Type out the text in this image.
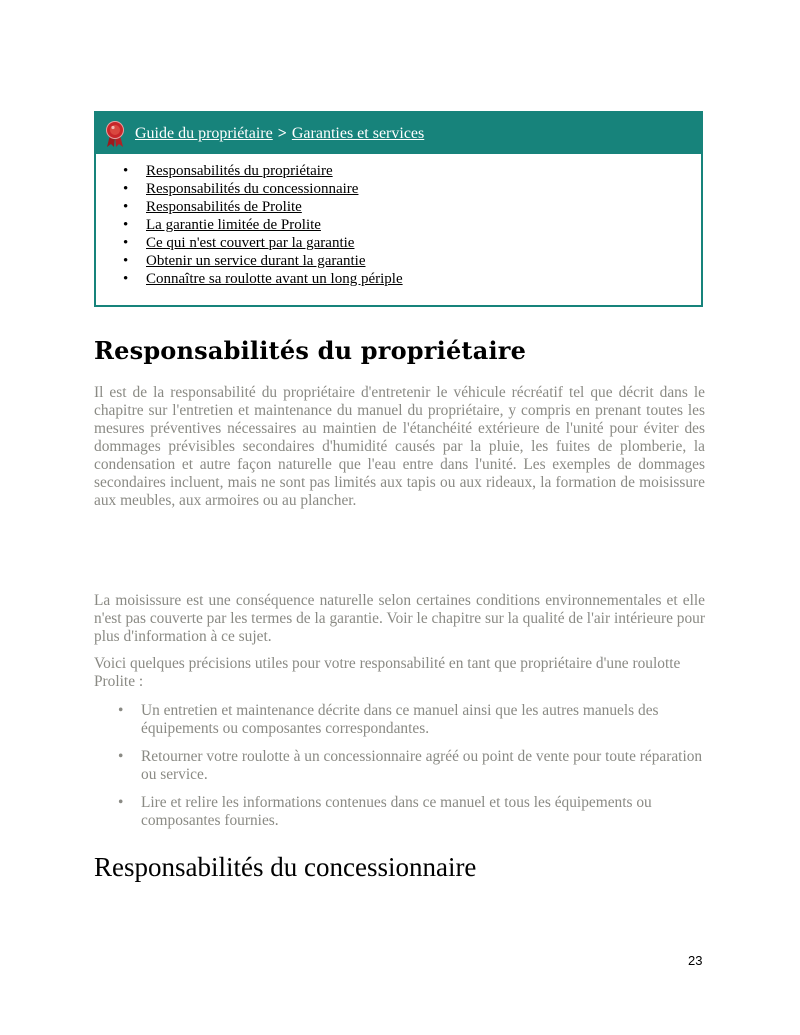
Guide du propriétaire > Garanties et services
• Responsabilités du propriétaire
• Responsabilités du concessionnaire
• Responsabilités de Prolite
• La garantie limitée de Prolite
• Ce qui n'est couvert par la garantie
• Obtenir un service durant la garantie
• Connaître sa roulotte avant un long périple
Responsabilités du propriétaire

Il est de la responsabilité du propriétaire d'entretenir le véhicule récréatif tel que décrit dans le chapitre sur l'entretien et maintenance du manuel du propriétaire, y compris en prenant toutes les mesures préventives nécessaires au maintien de l'étanchéité extérieure de l'unité pour éviter des dommages prévisibles secondaires d'humidité causés par la pluie, les fuites de plomberie, la condensation et autre façon naturelle que l'eau entre dans l'unité. Les exemples de dommages secondaires incluent, mais ne sont pas limités aux tapis ou aux rideaux, la formation de moisissure aux meubles, aux armoires ou au plancher.

La moisissure est une conséquence naturelle selon certaines conditions environnementales et elle n'est pas couverte par les termes de la garantie. Voir le chapitre sur la qualité de l'air intérieure pour plus d'information à ce sujet.

Voici quelques précisions utiles pour votre responsabilité en tant que propriétaire d'une roulotte Prolite :

• Un entretien et maintenance décrite dans ce manuel ainsi que les autres manuels des équipements ou composantes correspondantes.
• Retourner votre roulotte à un concessionnaire agréé ou point de vente pour toute réparation ou service.
• Lire et relire les informations contenues dans ce manuel et tous les équipements ou composantes fournies.
Responsabilités du concessionnaire
23
